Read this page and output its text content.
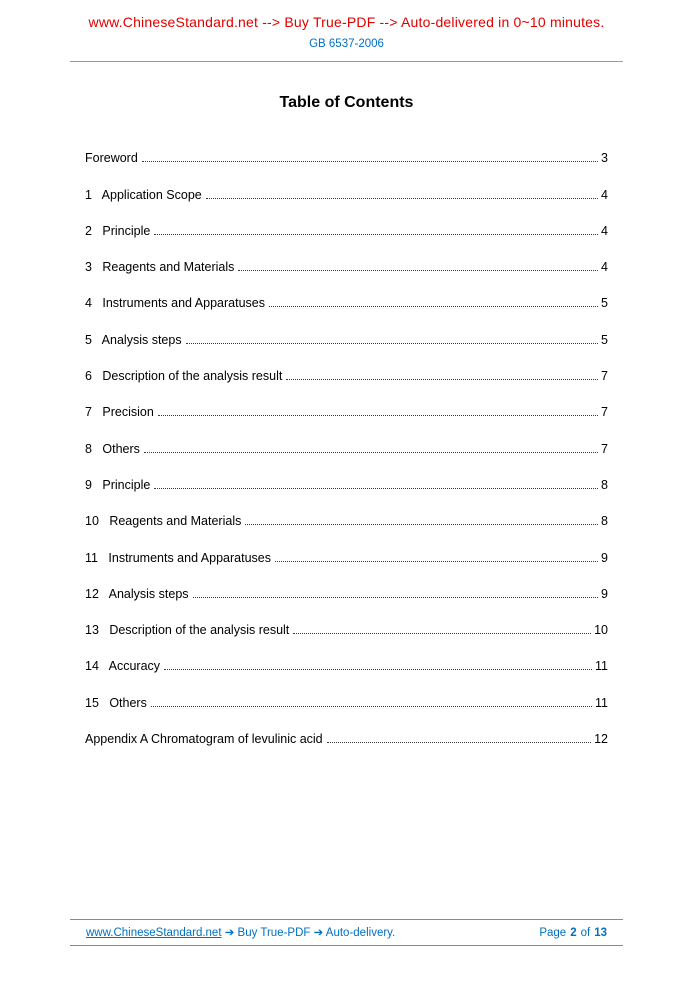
www.ChineseStandard.net --> Buy True-PDF --> Auto-delivered in 0~10 minutes.
GB 6537-2006
Table of Contents
Foreword	3
1   Application Scope	4
2   Principle	4
3   Reagents and Materials	4
4   Instruments and Apparatuses	5
5   Analysis steps	5
6   Description of the analysis result	7
7   Precision	7
8   Others	7
9   Principle	8
10   Reagents and Materials	8
11   Instruments and Apparatuses	9
12   Analysis steps	9
13   Description of the analysis result	10
14   Accuracy	11
15   Others	11
Appendix A Chromatogram of levulinic acid	12
www.ChineseStandard.net ➔ Buy True-PDF ➔ Auto-delivery.	Page 2 of 13
